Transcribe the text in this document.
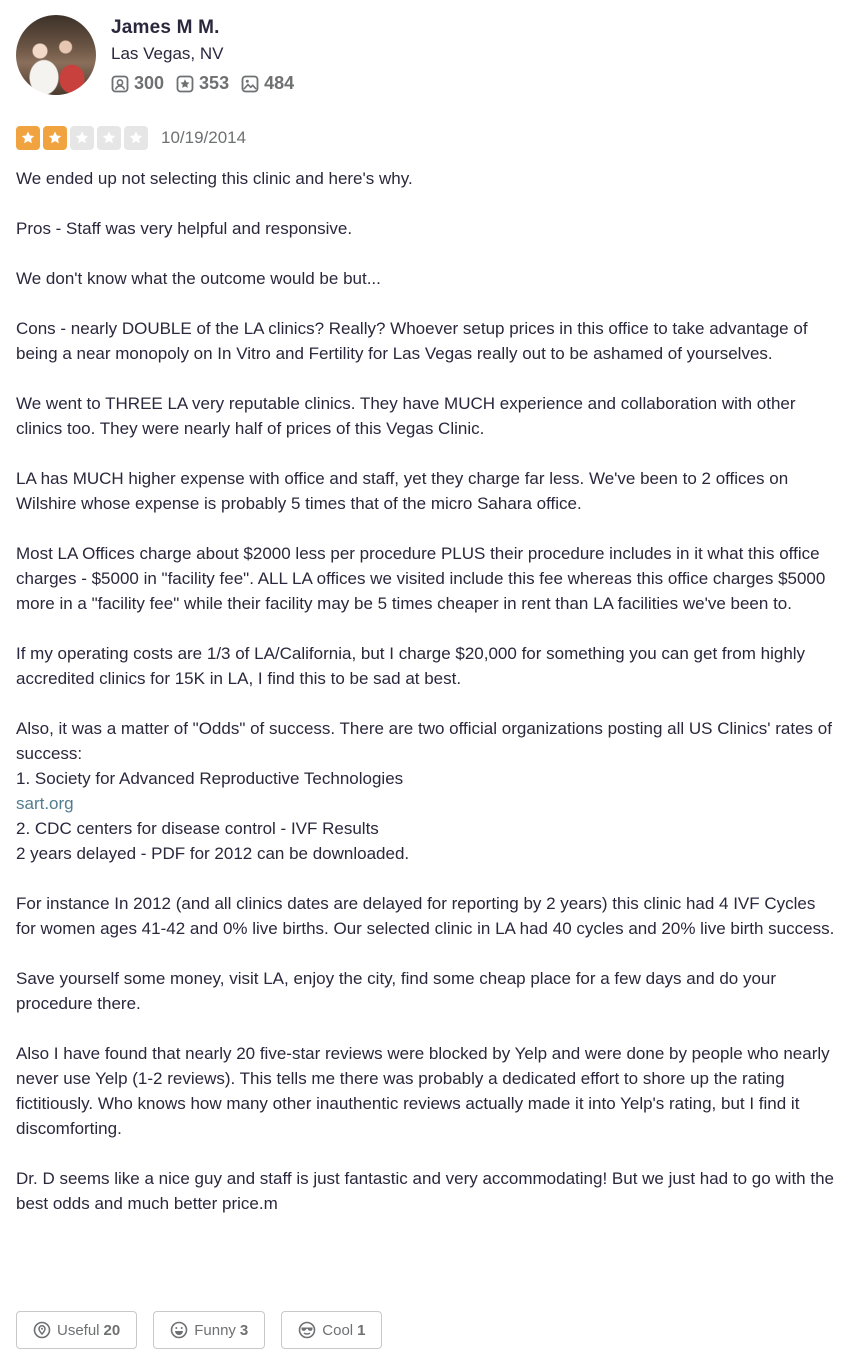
James M M.
Las Vegas, NV
300 353 484
10/19/2014

We ended up not selecting this clinic and here's why.

Pros - Staff was very helpful and responsive.

We don't know what the outcome would be but...

Cons - nearly DOUBLE of the LA clinics? Really? Whoever setup prices in this office to take advantage of being a near monopoly on In Vitro and Fertility for Las Vegas really out to be ashamed of yourselves.

We went to THREE LA very reputable clinics. They have MUCH experience and collaboration with other clinics too. They were nearly half of prices of this Vegas Clinic.

LA has MUCH higher expense with office and staff, yet they charge far less. We've been to 2 offices on Wilshire whose expense is probably 5 times that of the micro Sahara office.

Most LA Offices charge about $2000 less per procedure PLUS their procedure includes in it what this office charges - $5000 in "facility fee". ALL LA offices we visited include this fee whereas this office charges $5000 more in a "facility fee" while their facility may be 5 times cheaper in rent than LA facilities we've been to.

If my operating costs are 1/3 of LA/California, but I charge $20,000 for something you can get from highly accredited clinics for 15K in LA, I find this to be sad at best.

Also, it was a matter of "Odds" of success. There are two official organizations posting all US Clinics' rates of success:
1. Society for Advanced Reproductive Technologies
sart.org
2. CDC centers for disease control - IVF Results
2 years delayed - PDF for 2012 can be downloaded.

For instance In 2012 (and all clinics dates are delayed for reporting by 2 years) this clinic had 4 IVF Cycles for women ages 41-42 and 0% live births. Our selected clinic in LA had 40 cycles and 20% live birth success.

Save yourself some money, visit LA, enjoy the city, find some cheap place for a few days and do your procedure there.

Also I have found that nearly 20 five-star reviews were blocked by Yelp and were done by people who nearly never use Yelp (1-2 reviews). This tells me there was probably a dedicated effort to shore up the rating fictitiously. Who knows how many other inauthentic reviews actually made it into Yelp's rating, but I find it discomforting.

Dr. D seems like a nice guy and staff is just fantastic and very accommodating! But we just had to go with the best odds and much better price.m

Useful 20	Funny 3	Cool 1
